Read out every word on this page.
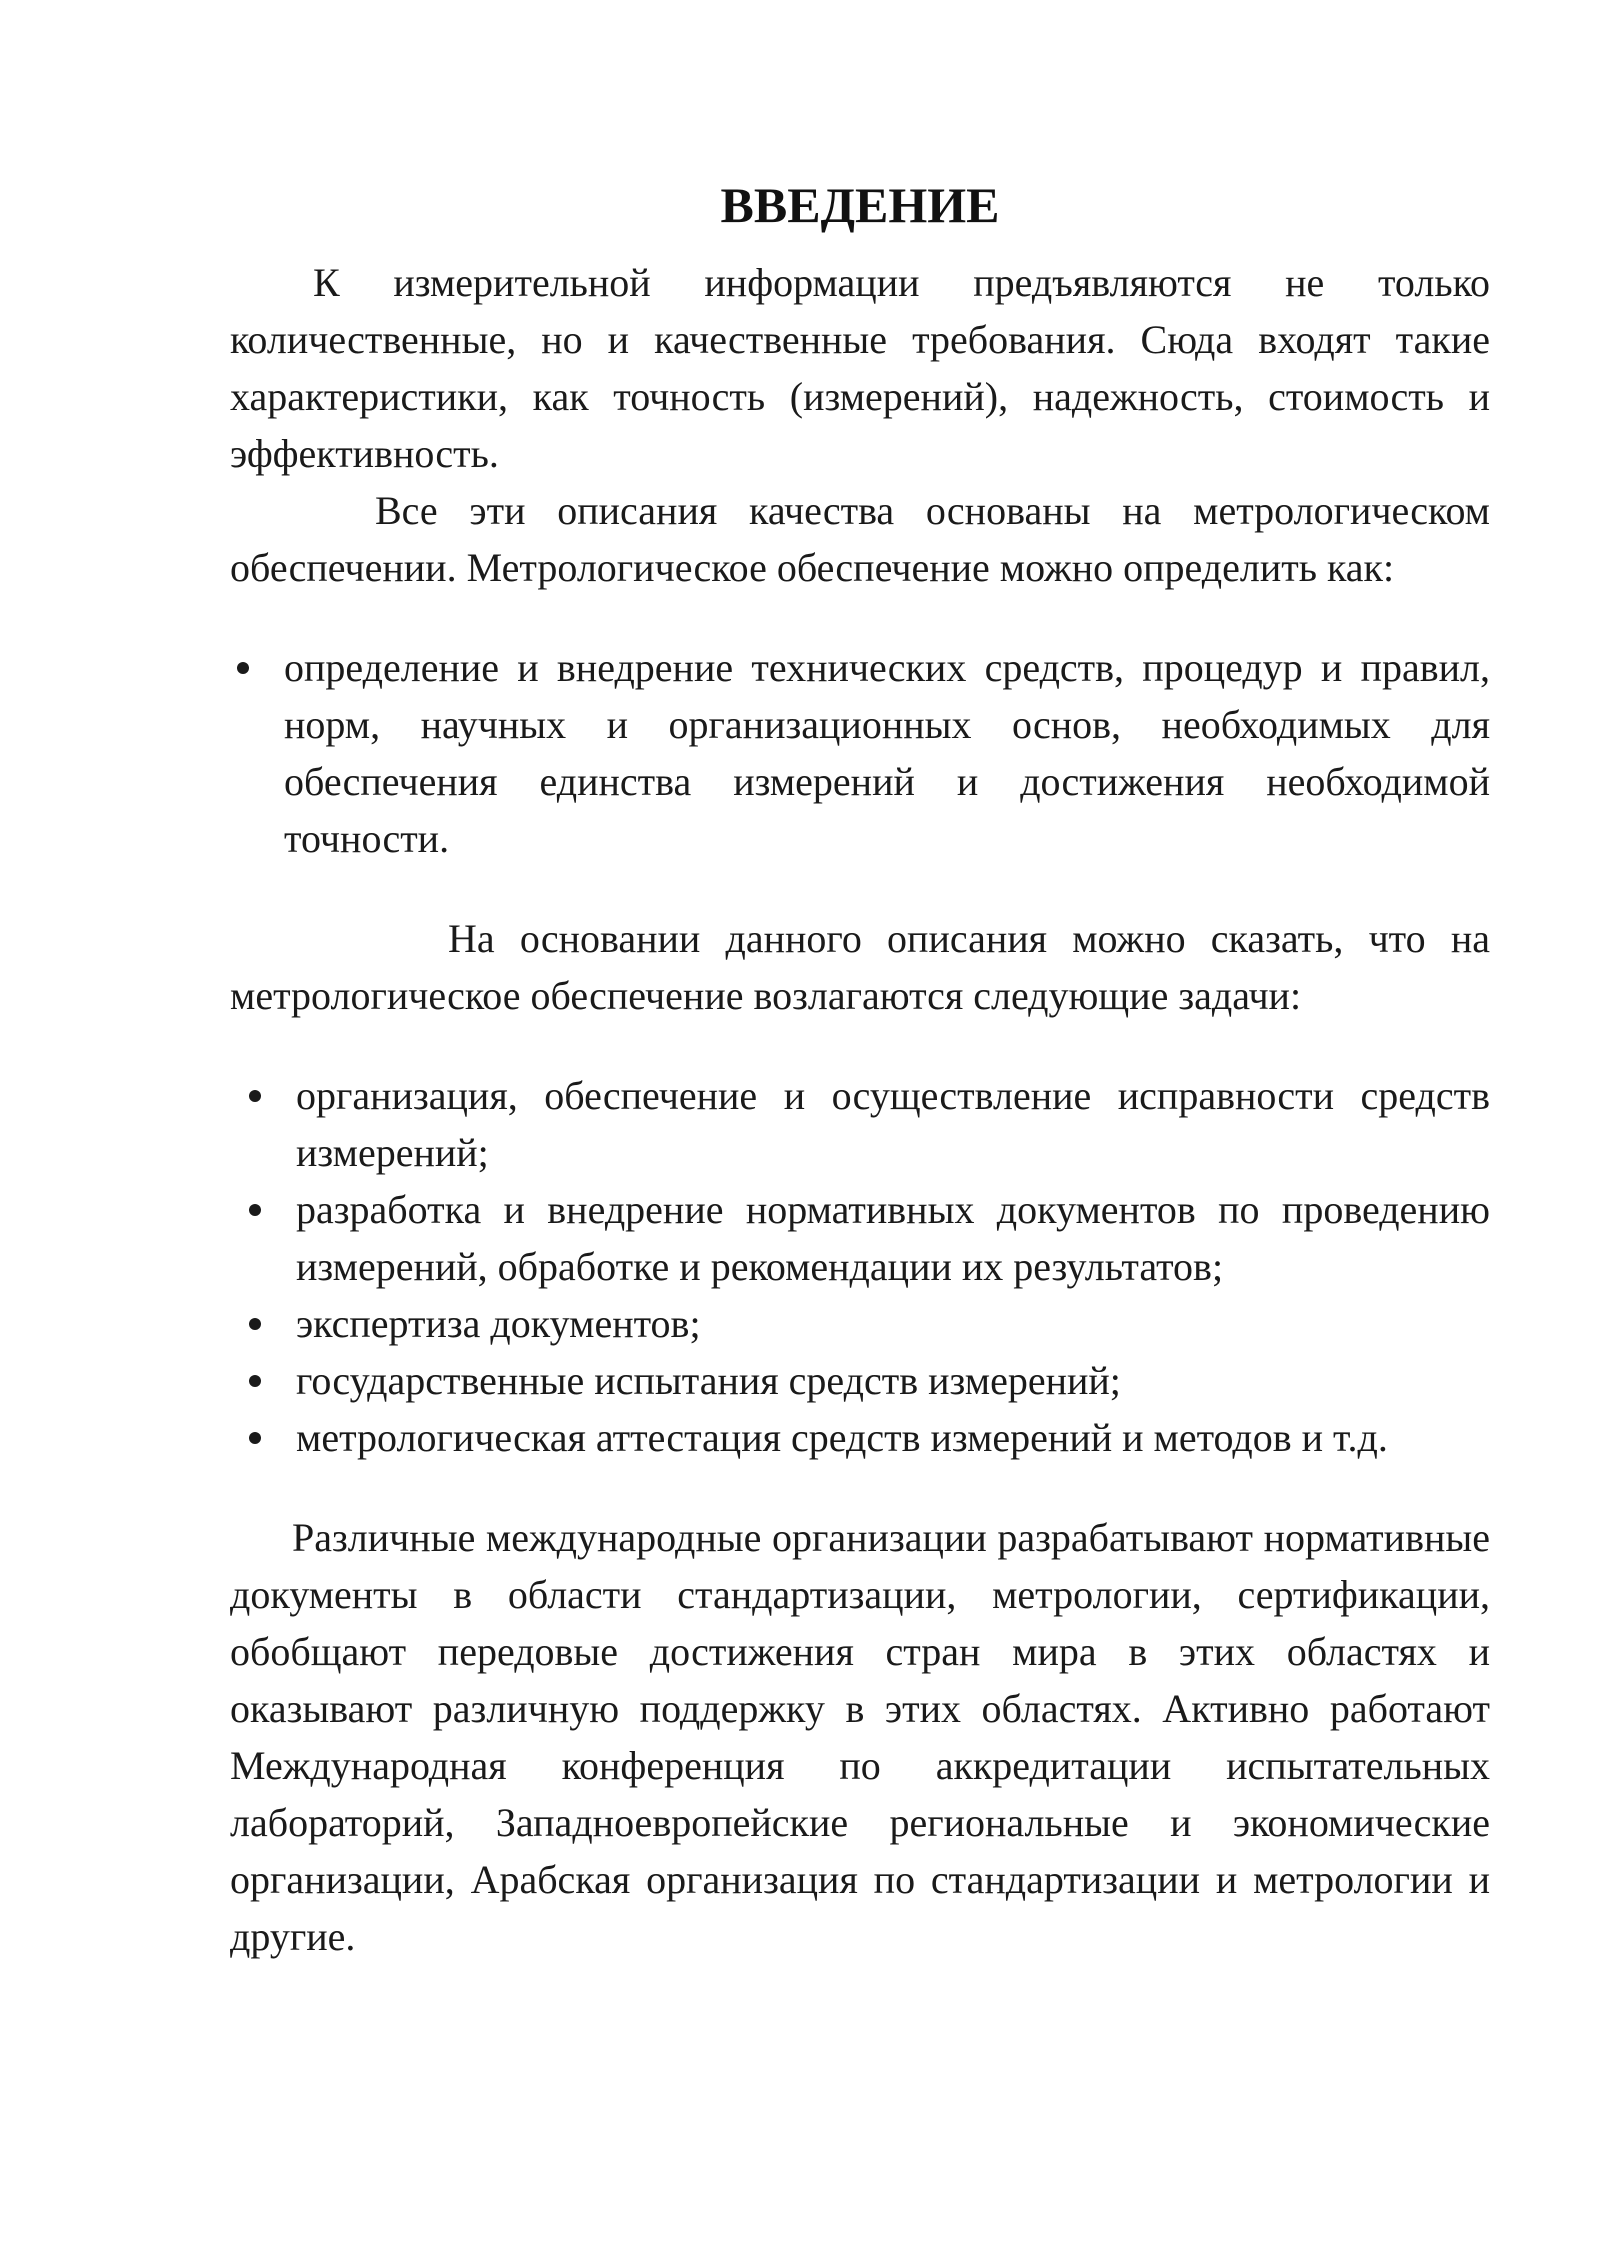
ВВЕДЕНИЕ

К измерительной информации предъявляются не только количественные, но и качественные требования. Сюда входят такие характеристики, как точность (измерений), надежность, стоимость и эффективность.

Все эти описания качества основаны на метрологическом обеспечении. Метрологическое обеспечение можно определить как:

определение и внедрение технических средств, процедур и правил, норм, научных и организационных основ, необходимых для обеспечения единства измерений и достижения необходимой точности.

На основании данного описания можно сказать, что на метрологическое обеспечение возлагаются следующие задачи:

организация, обеспечение и осуществление исправности средств измерений;
разработка и внедрение нормативных документов по проведению измерений, обработке и рекомендации их результатов;
экспертиза документов;
государственные испытания средств измерений;
метрологическая аттестация средств измерений и методов и т.д.

Различные международные организации разрабатывают нормативные документы в области стандартизации, метрологии, сертификации, обобщают передовые достижения стран мира в этих областях и оказывают различную поддержку в этих областях. Активно работают Международная конференция по аккредитации испытательных лабораторий, Западноевропейские региональные и экономические организации, Арабская организация по стандартизации и метрологии и другие.
